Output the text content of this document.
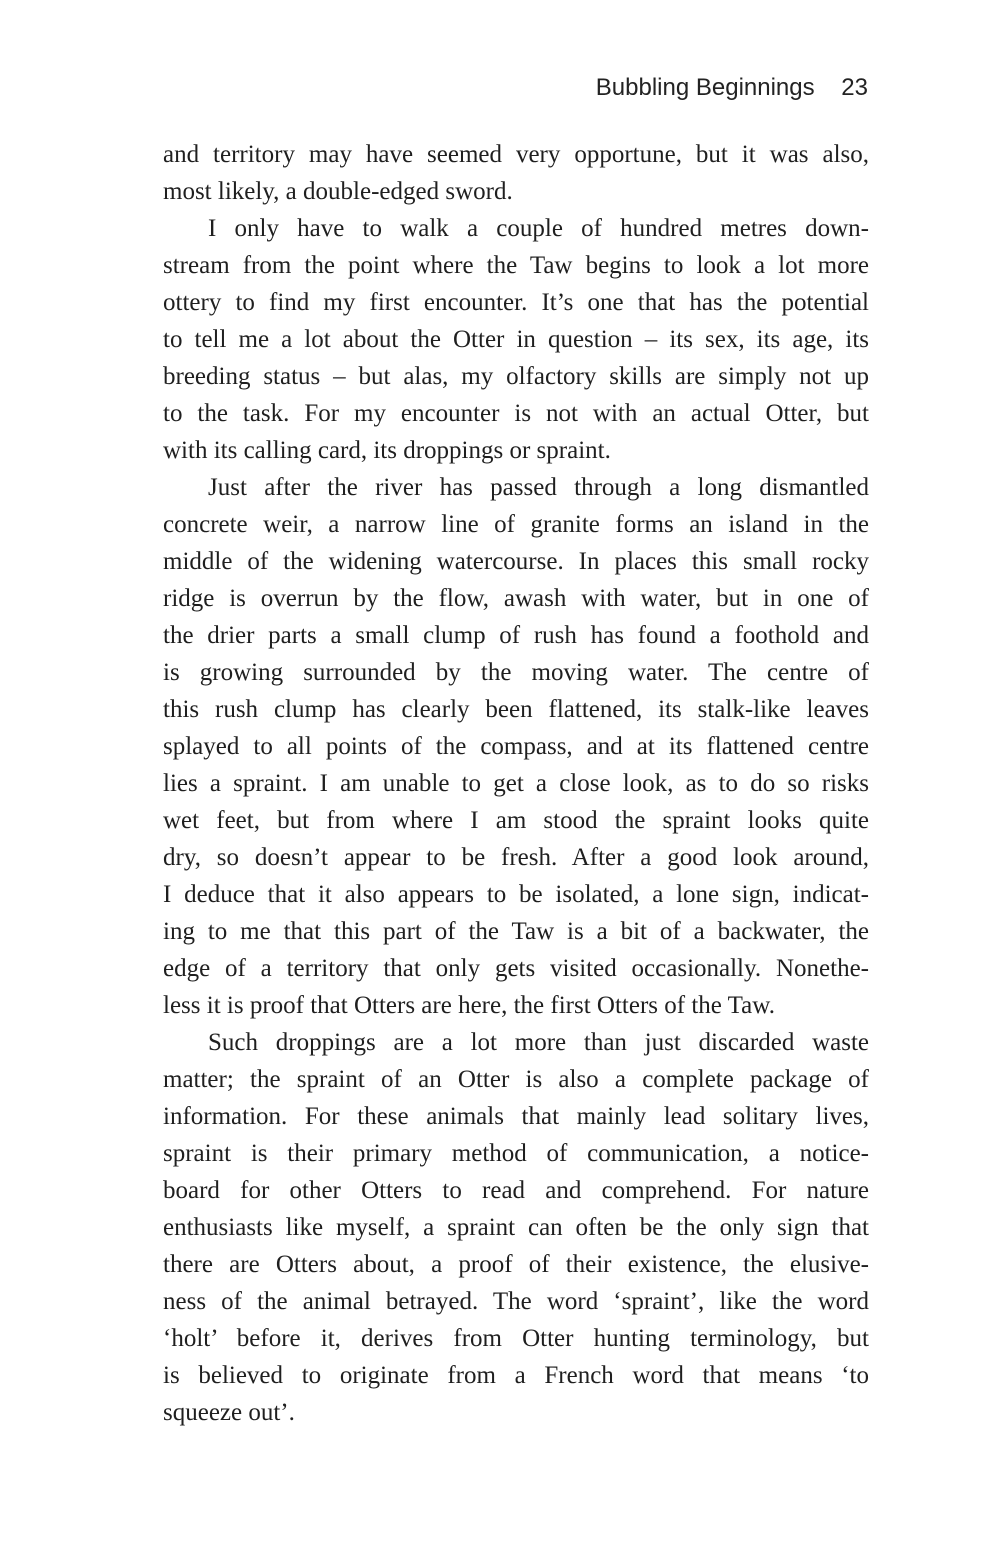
Bubbling Beginnings 23
and territory may have seemed very opportune, but it was also,
most likely, a double-edged sword.
I only have to walk a couple of hundred metres down-
stream from the point where the Taw begins to look a lot more
ottery to find my first encounter. It’s one that has the potential
to tell me a lot about the Otter in question – its sex, its age, its
breeding status – but alas, my olfactory skills are simply not up
to the task. For my encounter is not with an actual Otter, but
with its calling card, its droppings or spraint.
Just after the river has passed through a long dismantled
concrete weir, a narrow line of granite forms an island in the
middle of the widening watercourse. In places this small rocky
ridge is overrun by the flow, awash with water, but in one of
the drier parts a small clump of rush has found a foothold and
is growing surrounded by the moving water. The centre of
this rush clump has clearly been flattened, its stalk-like leaves
splayed to all points of the compass, and at its flattened centre
lies a spraint. I am unable to get a close look, as to do so risks
wet feet, but from where I am stood the spraint looks quite
dry, so doesn’t appear to be fresh. After a good look around,
I deduce that it also appears to be isolated, a lone sign, indicat-
ing to me that this part of the Taw is a bit of a backwater, the
edge of a territory that only gets visited occasionally. Nonethe-
less it is proof that Otters are here, the first Otters of the Taw.
Such droppings are a lot more than just discarded waste
matter; the spraint of an Otter is also a complete package of
information. For these animals that mainly lead solitary lives,
spraint is their primary method of communication, a notice-
board for other Otters to read and comprehend. For nature
enthusiasts like myself, a spraint can often be the only sign that
there are Otters about, a proof of their existence, the elusive-
ness of the animal betrayed. The word ‘spraint’, like the word
‘holt’ before it, derives from Otter hunting terminology, but
is believed to originate from a French word that means ‘to
squeeze out’.
